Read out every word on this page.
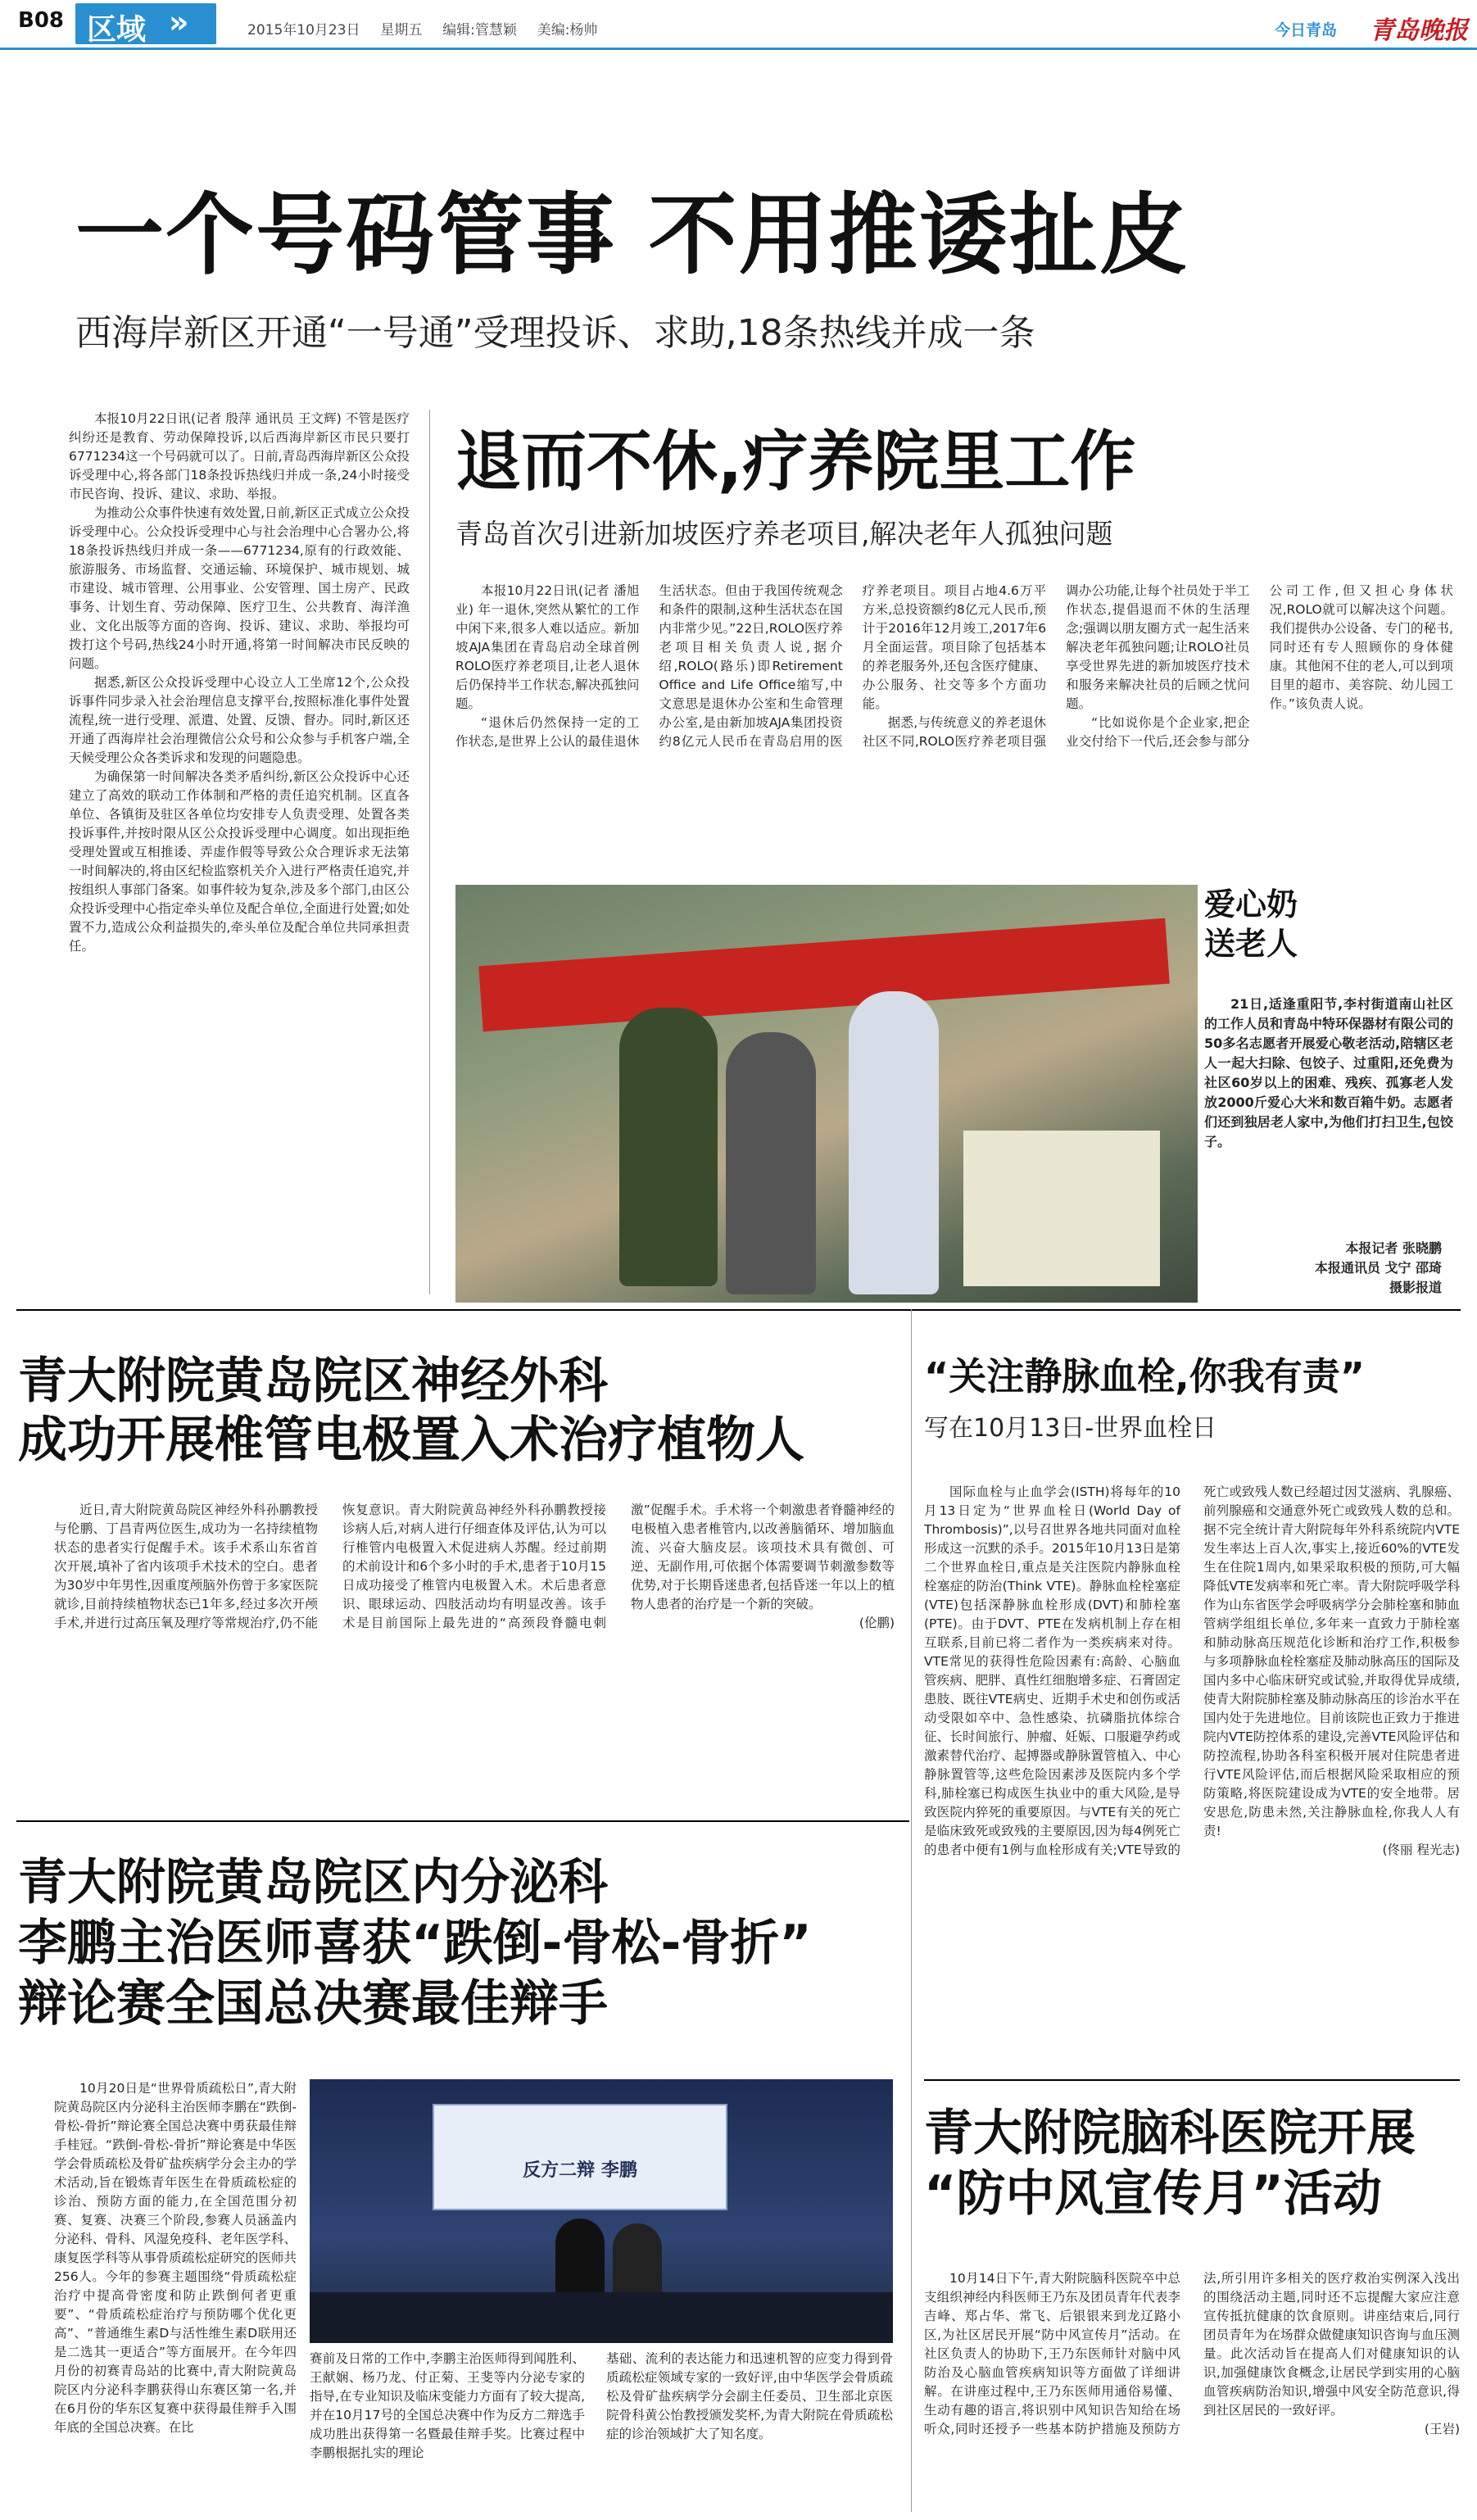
B08 区域 »	2015年10月23日 星期五 编辑:管慧颖 美编:杨帅	今日青岛 青岛晚报
一个号码管事 不用推诿扯皮
西海岸新区开通“一号通”受理投诉、求助,18条热线并成一条

本报10月22日讯(记者 殷萍 通讯员 王文辉) 不管是医疗纠纷还是教育、劳动保障投诉,以后西海岸新区市民只要打6771234这一个号码就可以了。日前,青岛西海岸新区公众投诉受理中心,将各部门18条投诉热线归并成一条,24小时接受市民咨询、投诉、建议、求助、举报。

为推动公众事件快速有效处置,日前,新区正式成立公众投诉受理中心。公众投诉受理中心与社会治理中心合署办公,将18条投诉热线归并成一条——6771234,原有的行政效能、旅游服务、市场监督、交通运输、环境保护、城市规划、城市建设、城市管理、公用事业、公安管理、国土房产、民政事务、计划生育、劳动保障、医疗卫生、公共教育、海洋渔业、文化出版等方面的咨询、投诉、建议、求助、举报均可拨打这个号码,热线24小时开通,将第一时间解决市民反映的问题。

据悉,新区公众投诉受理中心设立人工坐席12个,公众投诉事件同步录入社会治理信息支撑平台,按照标准化事件处置流程,统一进行受理、派遣、处置、反馈、督办。同时,新区还开通了西海岸社会治理微信公众号和公众参与手机客户端,全天候受理公众各类诉求和发现的问题隐患。

为确保第一时间解决各类矛盾纠纷,新区公众投诉中心还建立了高效的联动工作体制和严格的责任追究机制。区直各单位、各镇街及驻区各单位均安排专人负责受理、处置各类投诉事件,并按时限从区公众投诉受理中心调度。如出现拒绝受理处置或互相推诿、弄虚作假等导致公众合理诉求无法第一时间解决的,将由区纪检监察机关介入进行严格责任追究,并按组织人事部门备案。如事件较为复杂,涉及多个部门,由区公众投诉受理中心指定牵头单位及配合单位,全面进行处置;如处置不力,造成公众利益损失的,牵头单位及配合单位共同承担责任。

退而不休,疗养院里工作
青岛首次引进新加坡医疗养老项目,解决老年人孤独问题

本报10月22日讯(记者 潘旭业) 年一退休,突然从繁忙的工作中闲下来,很多人难以适应。新加坡AJA集团在青岛启动全球首例ROLO医疗养老项目,让老人退休后仍保持半工作状态,解决孤独问题。

“退休后仍然保持一定的工作状态,是世界上公认的最佳退休生活状态。但由于我国传统观念和条件的限制,这种生活状态在国内非常少见。”22日,ROLO医疗养老项目相关负责人说,据介绍,ROLO(路乐)即Retirement Office and Life Office缩写,中文意思是退休办公室和生命管理办公室,是由新加坡AJA集团投资约8亿元人民币在青岛启用的医疗养老项目。项目占地4.6万平方米,总投资额约8亿元人民币,预计于2016年12月竣工,2017年6月全面运营。项目除了包括基本的养老服务外,还包含医疗健康、办公服务、社交等多个方面功能。

据悉,与传统意义的养老退休社区不同,ROLO医疗养老项目强调办公功能,让每个社员处于半工作状态,提倡退而不休的生活理念;强调以朋友圈方式一起生活来解决老年孤独问题;让ROLO社员享受世界先进的新加坡医疗技术和服务来解决社员的后顾之忧问题。

“比如说你是个企业家,把企业交付给下一代后,还会参与部分公司工作,但又担心身体状况,ROLO就可以解决这个问题。我们提供办公设备、专门的秘书,同时还有专人照顾你的身体健康。其他闲不住的老人,可以到项目里的超市、美容院、幼儿园工作。”该负责人说。

爱心奶
送老人
21日,适逢重阳节,李村街道南山社区的工作人员和青岛中特环保器材有限公司的50多名志愿者开展爱心敬老活动,陪辖区老人一起大扫除、包饺子、过重阳,还免费为社区60岁以上的困难、残疾、孤寡老人发放2000斤爱心大米和数百箱牛奶。志愿者们还到独居老人家中,为他们打扫卫生,包饺子。
本报记者 张晓鹏
本报通讯员 戈宁 邵琦
摄影报道
青大附院黄岛院区神经外科
成功开展椎管电极置入术治疗植物人

近日,青大附院黄岛院区神经外科孙鹏教授与伦鹏、丁昌青两位医生,成功为一名持续植物状态的患者实行促醒手术。该手术系山东省首次开展,填补了省内该项手术技术的空白。患者为30岁中年男性,因重度颅脑外伤曾于多家医院就诊,目前持续植物状态已1年多,经过多次开颅手术,并进行过高压氧及理疗等常规治疗,仍不能恢复意识。青大附院黄岛神经外科孙鹏教授接诊病人后,对病人进行仔细查体及评估,认为可以行椎管内电极置入术促进病人苏醒。经过前期的术前设计和6个多小时的手术,患者于10月15日成功接受了椎管内电极置入术。术后患者意识、眼球运动、四肢活动均有明显改善。该手术是目前国际上最先进的“高颈段脊髓电刺激”促醒手术。手术将一个刺激患者脊髓神经的电极植入患者椎管内,以改善脑循环、增加脑血流、兴奋大脑皮层。该项技术具有微创、可逆、无副作用,可依据个体需要调节刺激参数等优势,对于长期昏迷患者,包括昏迷一年以上的植物人患者的治疗是一个新的突破。

(伦鹏)
青大附院黄岛院区内分泌科
李鹏主治医师喜获“跌倒-骨松-骨折”
辩论赛全国总决赛最佳辩手
10月20日是“世界骨质疏松日”,青大附院黄岛院区内分泌科主治医师李鹏在“跌倒-骨松-骨折”辩论赛全国总决赛中勇获最佳辩手桂冠。“跌倒-骨松-骨折”辩论赛是中华医学会骨质疏松及骨矿盐疾病学分会主办的学术活动,旨在锻炼青年医生在骨质疏松症的诊治、预防方面的能力,在全国范围分初赛、复赛、决赛三个阶段,参赛人员涵盖内分泌科、骨科、风湿免疫科、老年医学科、康复医学科等从事骨质疏松症研究的医师共256人。今年的参赛主题围绕“骨质疏松症治疗中提高骨密度和防止跌倒何者更重要”、“骨质疏松症治疗与预防哪个优化更高”、“普通维生素D与活性维生素D联用还是二选其一更适合”等方面展开。在今年四月份的初赛青岛站的比赛中,青大附院黄岛院区内分泌科李鹏获得山东赛区第一名,并在6月份的华东区复赛中获得最佳辩手入围年底的全国总决赛。在比
反方二辩 李鹏
赛前及日常的工作中,李鹏主治医师得到闻胜利、王献娴、杨乃龙、付正菊、王斐等内分泌专家的指导,在专业知识及临床变能力方面有了较大提高,并在10月17号的全国总决赛中作为反方二辩选手成功胜出获得第一名暨最佳辩手奖。比赛过程中李鹏根据扎实的理论
基础、流利的表达能力和迅速机智的应变力得到骨质疏松症领域专家的一致好评,由中华医学会骨质疏松及骨矿盐疾病学分会副主任委员、卫生部北京医院骨科黄公怡教授颁发奖杯,为青大附院在骨质疏松症的诊治领域扩大了知名度。
“关注静脉血栓,你我有责”
写在10月13日-世界血栓日

国际血栓与止血学会(ISTH)将每年的10月13日定为“世界血栓日(World Day of Thrombosis)”,以号召世界各地共同面对血栓形成这一沉默的杀手。2015年10月13日是第二个世界血栓日,重点是关注医院内静脉血栓栓塞症的防治(Think VTE)。静脉血栓栓塞症(VTE)包括深静脉血栓形成(DVT)和肺栓塞(PTE)。由于DVT、PTE在发病机制上存在相互联系,目前已将二者作为一类疾病来对待。VTE常见的获得性危险因素有:高龄、心脑血管疾病、肥胖、真性红细胞增多症、石膏固定患肢、既往VTE病史、近期手术史和创伤或活动受限如卒中、急性感染、抗磷脂抗体综合征、长时间旅行、肿瘤、妊娠、口服避孕药或激素替代治疗、起搏器或静脉置管植入、中心静脉置管等,这些危险因素涉及医院内多个学科,肺栓塞已构成医生执业中的重大风险,是导致医院内猝死的重要原因。与VTE有关的死亡是临床致死或致残的主要原因,因为每4例死亡的患者中便有1例与血栓形成有关;VTE导致的死亡或致残人数已经超过因艾滋病、乳腺癌、前列腺癌和交通意外死亡或致残人数的总和。据不完全统计青大附院每年外科系统院内VTE发生率达上百人次,事实上,接近60%的VTE发生在住院1周内,如果采取积极的预防,可大幅降低VTE发病率和死亡率。青大附院呼吸学科作为山东省医学会呼吸病学分会肺栓塞和肺血管病学组组长单位,多年来一直致力于肺栓塞和肺动脉高压规范化诊断和治疗工作,积极参与多项静脉血栓栓塞症及肺动脉高压的国际及国内多中心临床研究或试验,并取得优异成绩,使青大附院肺栓塞及肺动脉高压的诊治水平在国内处于先进地位。目前该院也正致力于推进院内VTE防控体系的建设,完善VTE风险评估和防控流程,协助各科室积极开展对住院患者进行VTE风险评估,而后根据风险采取相应的预防策略,将医院建设成为VTE的安全地带。居安思危,防患未然,关注静脉血栓,你我人人有责!

(佟丽 程光志)
青大附院脑科医院开展
“防中风宣传月”活动

10月14日下午,青大附院脑科医院卒中总支组织神经内科医师王乃东及团员青年代表李吉峰、郑占华、常飞、后银银来到龙辽路小区,为社区居民开展“防中风宣传月”活动。在社区负责人的协助下,王乃东医师针对脑中风防治及心脑血管疾病知识等方面做了详细讲解。在讲座过程中,王乃东医师用通俗易懂、生动有趣的语言,将识别中风知识告知给在场听众,同时还授予一些基本防护措施及预防方法,所引用许多相关的医疗救治实例深入浅出的围绕活动主题,同时还不忘提醒大家应注意宣传抵抗健康的饮食原则。讲座结束后,同行团员青年为在场群众做健康知识咨询与血压测量。此次活动旨在提高人们对健康知识的认识,加强健康饮食概念,让居民学到实用的心脑血管疾病防治知识,增强中风安全防范意识,得到社区居民的一致好评。

(王岩)
